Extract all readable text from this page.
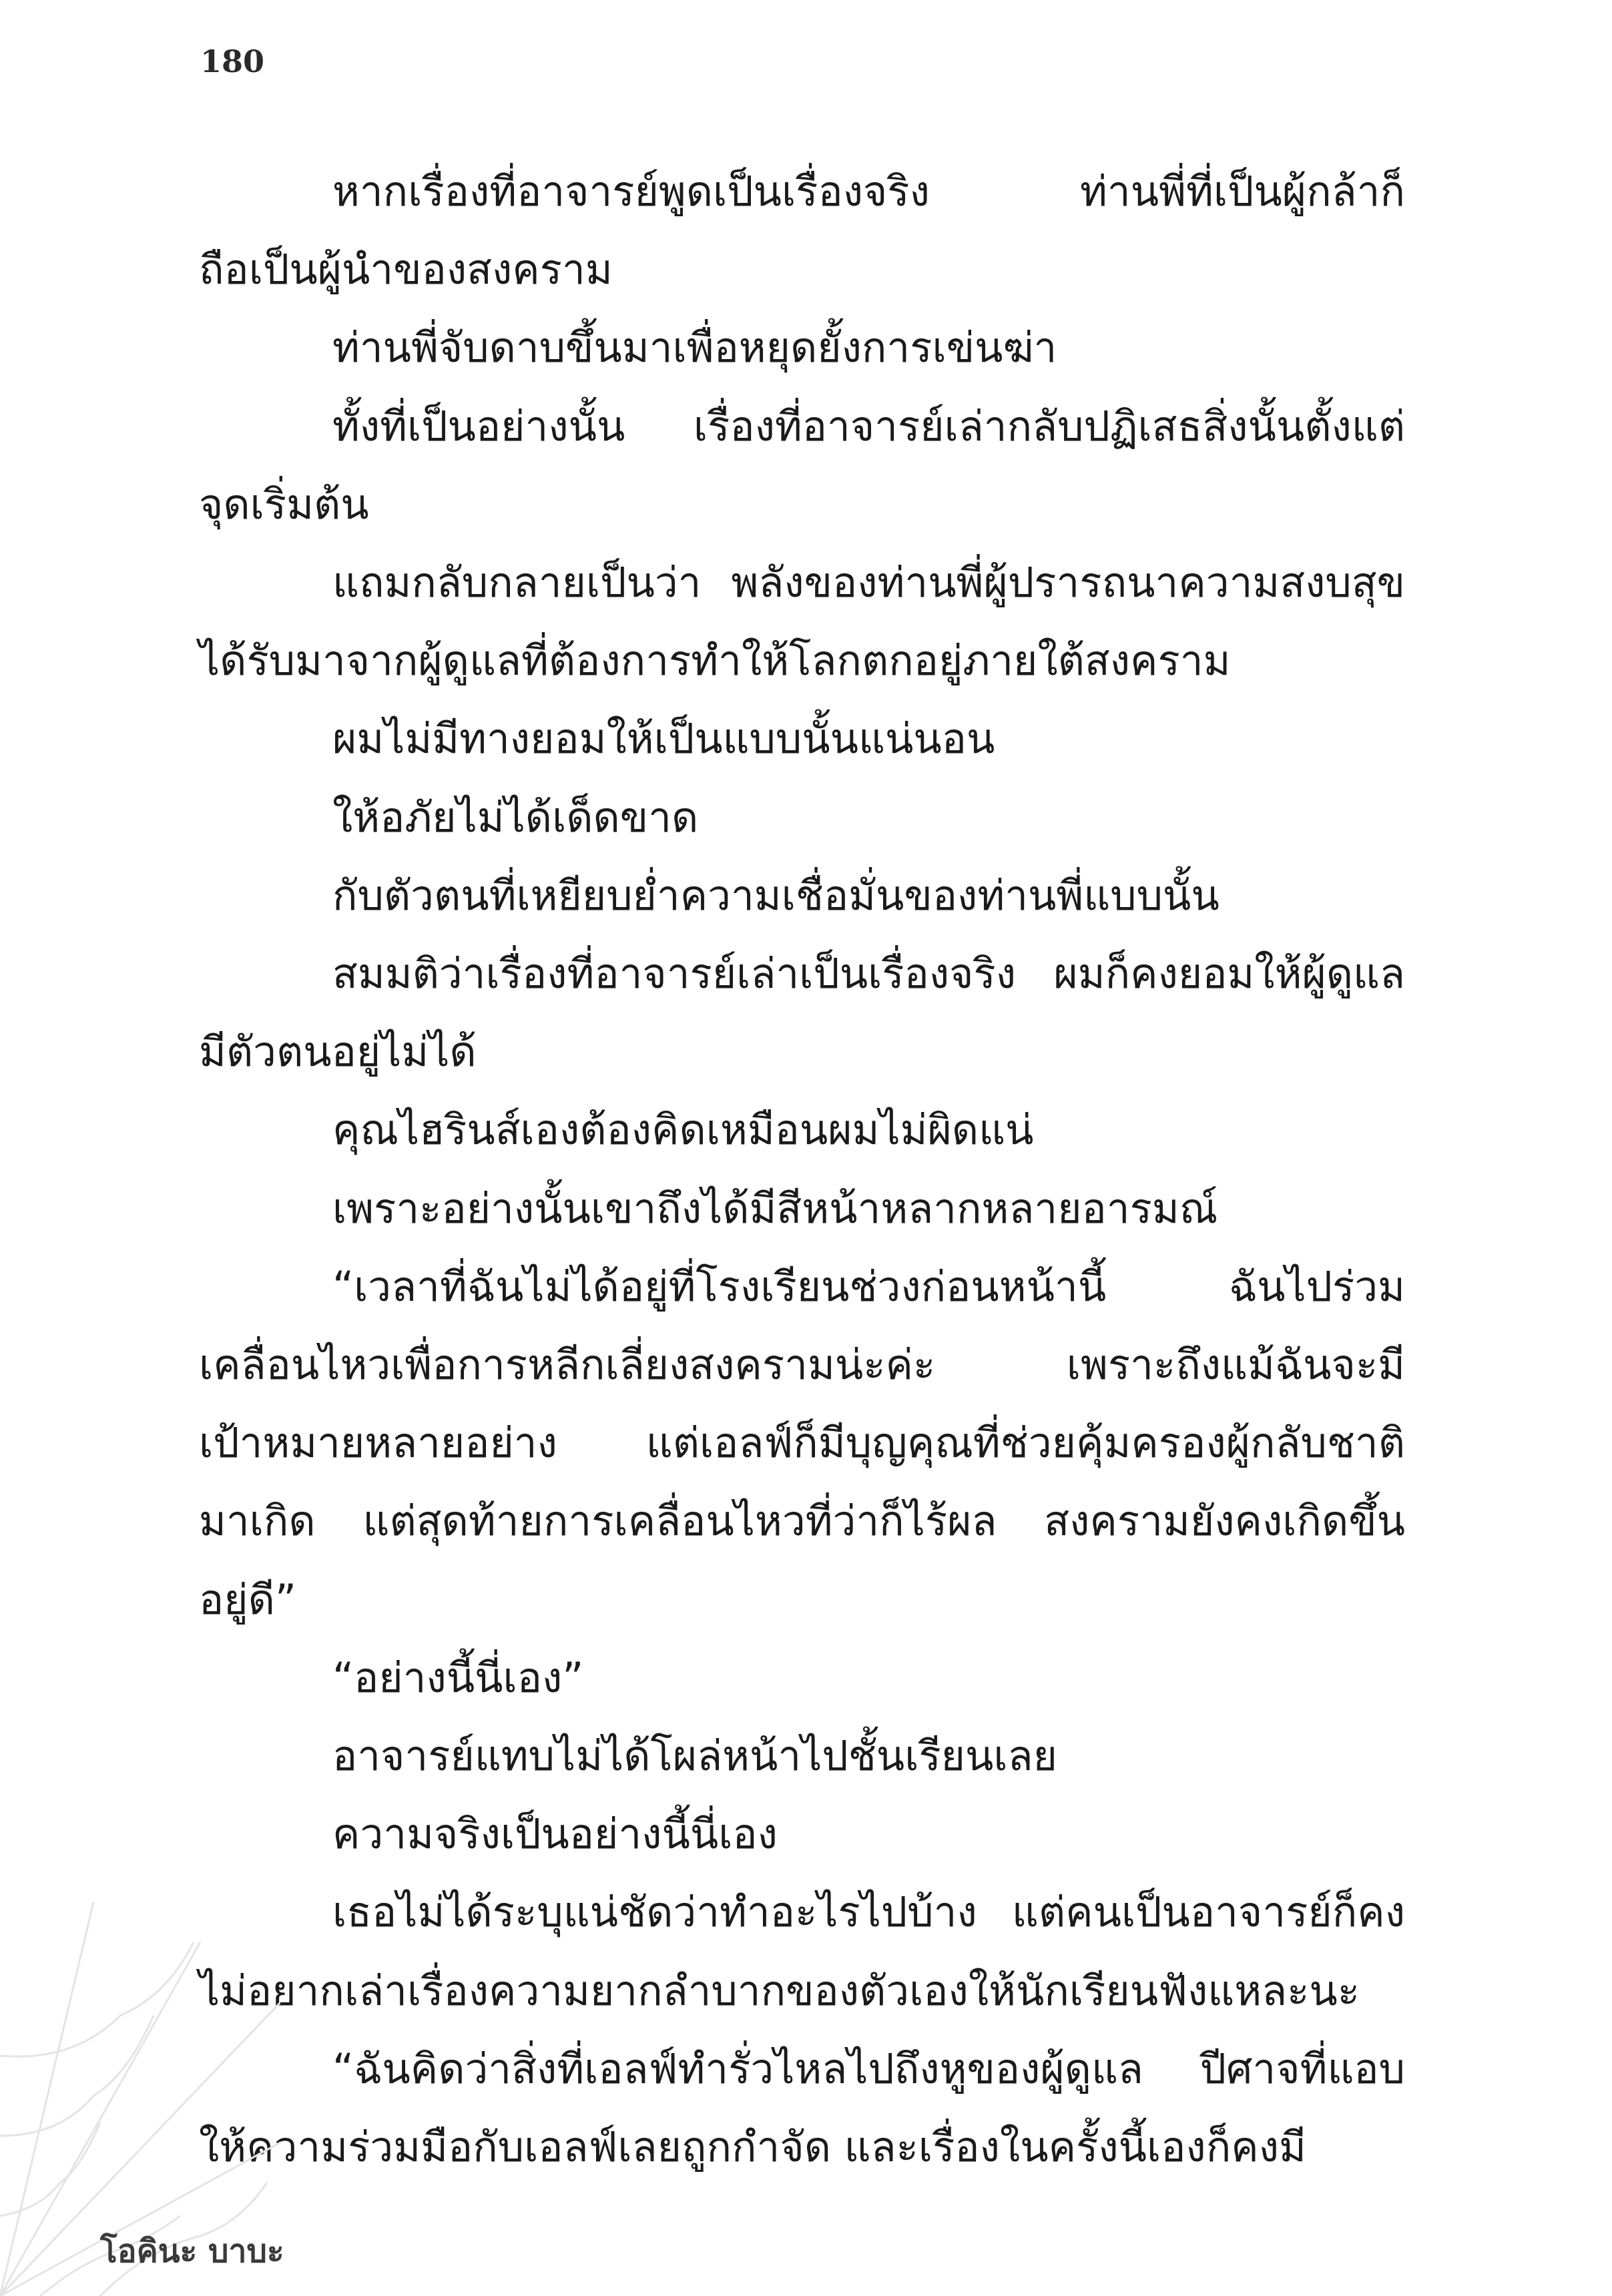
180
หากเรื่องที่อาจารย์พูดเป็นเรื่องจริง ท่านพี่ที่เป็นผู้กล้าก็
ถือเป็นผู้นำของสงคราม
ท่านพี่จับดาบขึ้นมาเพื่อหยุดยั้งการเข่นฆ่า
ทั้งที่เป็นอย่างนั้น เรื่องที่อาจารย์เล่ากลับปฏิเสธสิ่งนั้นตั้งแต่
จุดเริ่มต้น
แถมกลับกลายเป็นว่า พลังของท่านพี่ผู้ปรารถนาความสงบสุข
ได้รับมาจากผู้ดูแลที่ต้องการทำให้โลกตกอยู่ภายใต้สงคราม
ผมไม่มีทางยอมให้เป็นแบบนั้นแน่นอน
ให้อภัยไม่ได้เด็ดขาด
กับตัวตนที่เหยียบย่ำความเชื่อมั่นของท่านพี่แบบนั้น
สมมติว่าเรื่องที่อาจารย์เล่าเป็นเรื่องจริง ผมก็คงยอมให้ผู้ดูแล
มีตัวตนอยู่ไม่ได้
คุณไฮรินส์เองต้องคิดเหมือนผมไม่ผิดแน่
เพราะอย่างนั้นเขาถึงได้มีสีหน้าหลากหลายอารมณ์
“เวลาที่ฉันไม่ได้อยู่ที่โรงเรียนช่วงก่อนหน้านี้ ฉันไปร่วม
เคลื่อนไหวเพื่อการหลีกเลี่ยงสงครามน่ะค่ะ เพราะถึงแม้ฉันจะมี
เป้าหมายหลายอย่าง แต่เอลฟ์ก็มีบุญคุณที่ช่วยคุ้มครองผู้กลับชาติ
มาเกิด แต่สุดท้ายการเคลื่อนไหวที่ว่าก็ไร้ผล สงครามยังคงเกิดขึ้น
อยู่ดี”
“อย่างนี้นี่เอง”
อาจารย์แทบไม่ได้โผล่หน้าไปชั้นเรียนเลย
ความจริงเป็นอย่างนี้นี่เอง
เธอไม่ได้ระบุแน่ชัดว่าทำอะไรไปบ้าง แต่คนเป็นอาจารย์ก็คง
ไม่อยากเล่าเรื่องความยากลำบากของตัวเองให้นักเรียนฟังแหละนะ
“ฉันคิดว่าสิ่งที่เอลฟ์ทำรั่วไหลไปถึงหูของผู้ดูแล ปีศาจที่แอบ
ให้ความร่วมมือกับเอลฟ์เลยถูกกำจัด และเรื่องในครั้งนี้เองก็คงมี
โอคินะ บาบะ
